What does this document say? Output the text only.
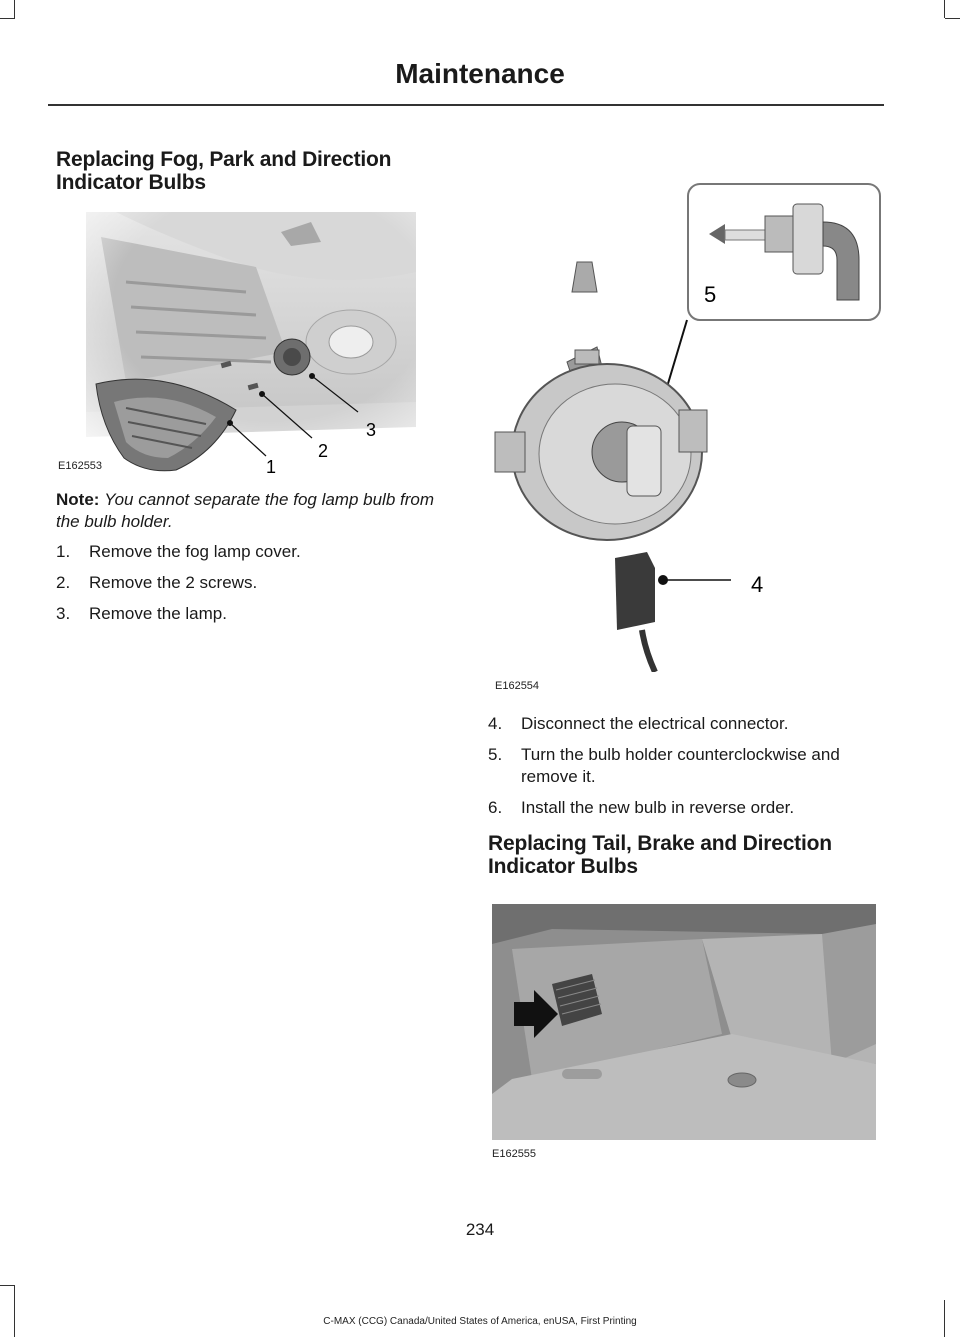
Maintenance
Replacing Fog, Park and Direction
Indicator Bulbs
1
2
3
E162553
Note: You cannot separate the fog lamp bulb from the bulb holder.
1. Remove the fog lamp cover.
2. Remove the 2 screws.
3. Remove the lamp.
5
4
E162554
4. Disconnect the electrical connector.
5. Turn the bulb holder counterclockwise and remove it.
6. Install the new bulb in reverse order.
Replacing Tail, Brake and Direction
Indicator Bulbs
E162555
234
C-MAX (CCG) Canada/United States of America, enUSA, First Printing
